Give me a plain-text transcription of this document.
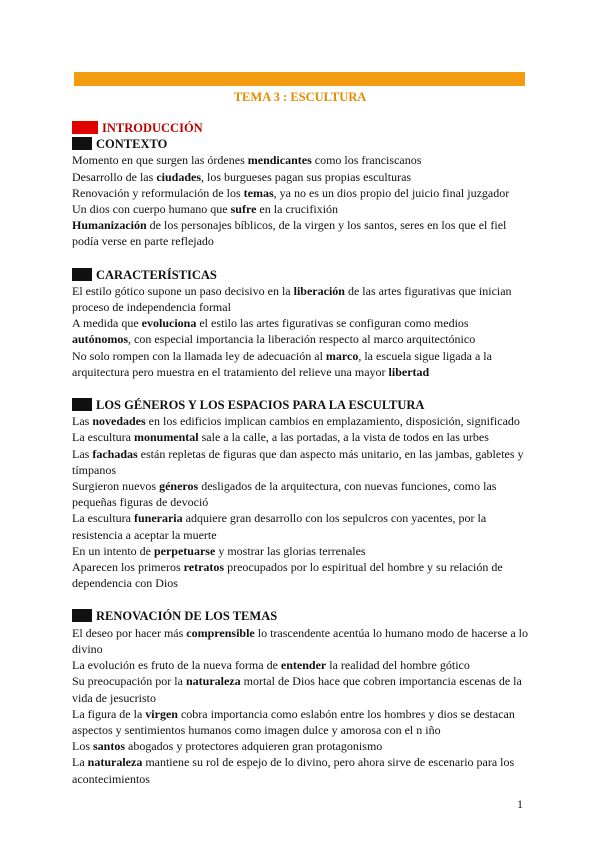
TEMA 3 : ESCULTURA
INTRODUCCIÓN
CONTEXTO
Momento en que surgen las órdenes mendicantes como los franciscanos
Desarrollo de las ciudades, los burgueses pagan sus propias esculturas
Renovación y reformulación de los temas, ya no es un dios propio del juicio final juzgador
Un dios con cuerpo humano que sufre en la crucifixión
Humanización de los personajes bíblicos, de la virgen y los santos, seres en los que el fiel podía verse en parte reflejado
CARACTERÍSTICAS
El estilo gótico supone un paso decisivo en la liberación de las artes figurativas que inician proceso de independencia formal
A medida que evoluciona el estilo las artes figurativas se configuran como medios autónomos, con especial importancia la liberación respecto al marco arquitectónico
No solo rompen con la llamada ley de adecuación al marco, la escuela sigue ligada a la arquitectura pero muestra en el tratamiento del relieve una mayor libertad
LOS GÉNEROS Y LOS ESPACIOS PARA LA ESCULTURA
Las novedades en los edificios implican cambios en emplazamiento, disposición, significado
La escultura monumental sale a la calle, a las portadas, a la vista de todos en las urbes
Las fachadas están repletas de figuras que dan aspecto más unitario, en las jambas, gabletes y tímpanos
Surgieron nuevos géneros desligados de la arquitectura, con nuevas funciones, como las pequeñas figuras de devoció
La escultura funeraria adquiere gran desarrollo con los sepulcros con yacentes, por la resistencia a aceptar la muerte
En un intento de perpetuarse y mostrar las glorias terrenales
Aparecen los primeros retratos preocupados por lo espiritual del hombre y su relación de dependencia con Dios
RENOVACIÓN DE LOS TEMAS
El deseo por hacer más comprensible lo trascendente acentúa lo humano modo de hacerse a lo divino
La evolución es fruto de la nueva forma de entender la realidad del hombre gótico
Su preocupación por la naturaleza mortal de Dios hace que cobren importancia escenas de la vida de jesucristo
La figura de la virgen cobra importancia como eslabón entre los hombres y dios se destacan aspectos y sentimientos humanos como imagen dulce y amorosa con el n iño
Los santos abogados y protectores adquieren gran protagonismo
La naturaleza mantiene su rol de espejo de lo divino, pero ahora sirve de escenario para los acontecimientos
1
